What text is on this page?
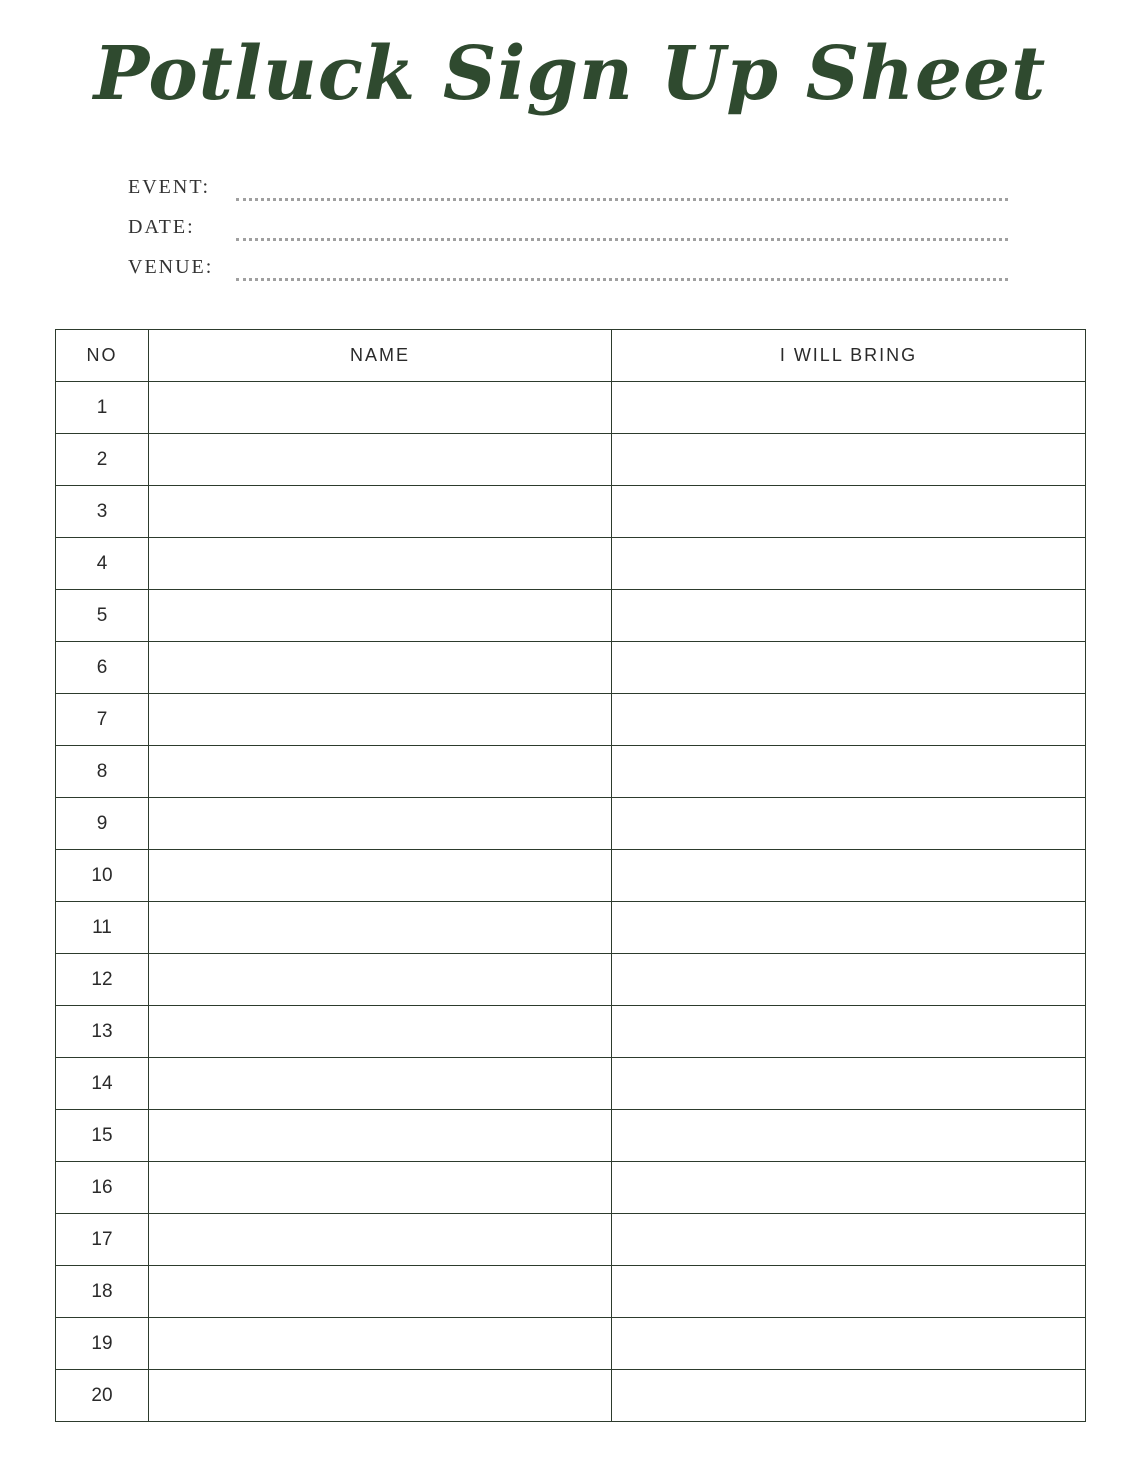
Potluck Sign Up Sheet
EVENT:
DATE:
VENUE:
NO	NAME	I WILL BRING
1		
2		
3		
4		
5		
6		
7		
8		
9		
10		
11		
12		
13		
14		
15		
16		
17		
18		
19		
20		
